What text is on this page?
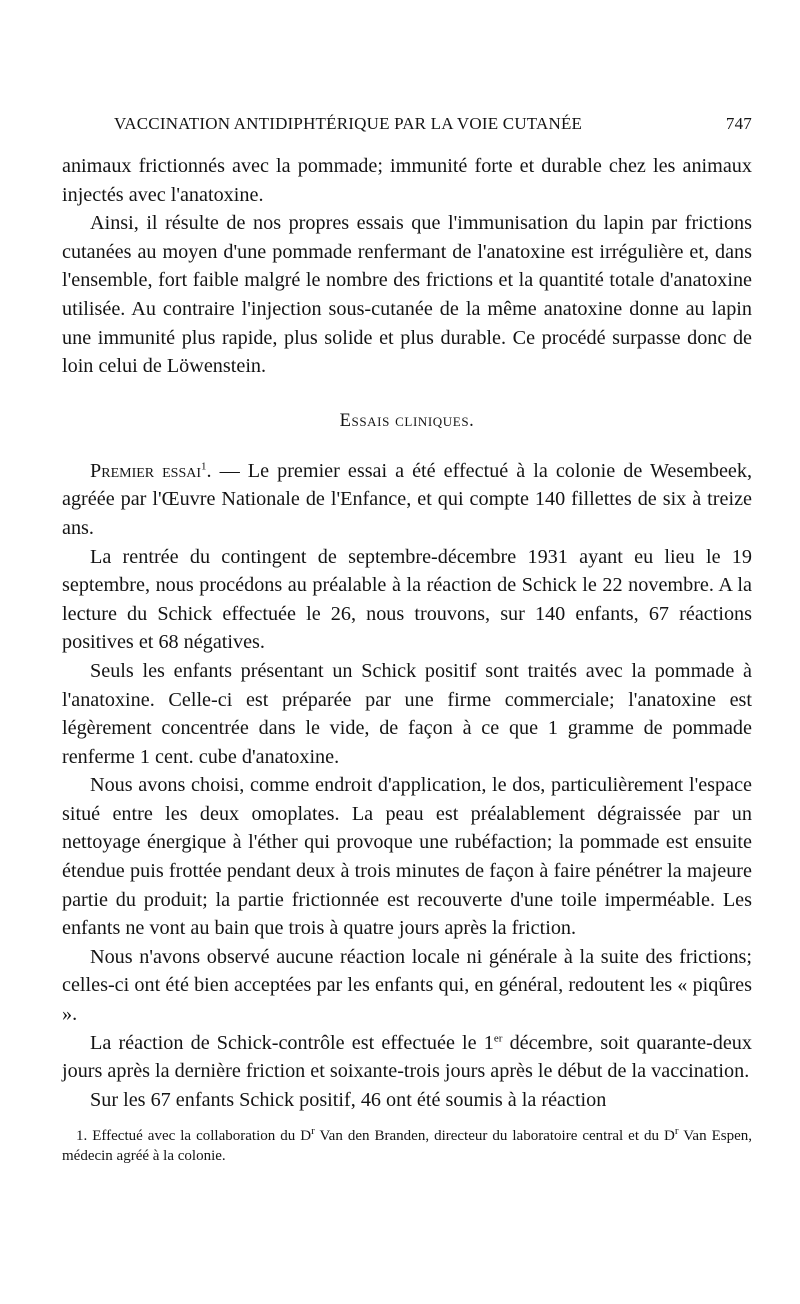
VACCINATION ANTIDIPHTÉRIQUE PAR LA VOIE CUTANÉE	747

animaux frictionnés avec la pommade; immunité forte et durable chez les animaux injectés avec l'anatoxine.

Ainsi, il résulte de nos propres essais que l'immunisation du lapin par frictions cutanées au moyen d'une pommade renfermant de l'anatoxine est irrégulière et, dans l'ensemble, fort faible malgré le nombre des frictions et la quantité totale d'anatoxine utilisée. Au contraire l'injection sous-cutanée de la même anatoxine donne au lapin une immunité plus rapide, plus solide et plus durable. Ce procédé surpasse donc de loin celui de Löwenstein.

Essais cliniques.

Premier essai$^1$. — Le premier essai a été effectué à la colonie de Wesembeek, agréée par l'Œuvre Nationale de l'Enfance, et qui compte 140 fillettes de six à treize ans.

La rentrée du contingent de septembre-décembre 1931 ayant eu lieu le 19 septembre, nous procédons au préalable à la réaction de Schick le 22 novembre. A la lecture du Schick effectuée le 26, nous trouvons, sur 140 enfants, 67 réactions positives et 68 négatives.

Seuls les enfants présentant un Schick positif sont traités avec la pommade à l'anatoxine. Celle-ci est préparée par une firme commerciale; l'anatoxine est légèrement concentrée dans le vide, de façon à ce que 1 gramme de pommade renferme 1 cent. cube d'anatoxine.

Nous avons choisi, comme endroit d'application, le dos, particulièrement l'espace situé entre les deux omoplates. La peau est préalablement dégraissée par un nettoyage énergique à l'éther qui provoque une rubéfaction; la pommade est ensuite étendue puis frottée pendant deux à trois minutes de façon à faire pénétrer la majeure partie du produit; la partie frictionnée est recouverte d'une toile imperméable. Les enfants ne vont au bain que trois à quatre jours après la friction.

Nous n'avons observé aucune réaction locale ni générale à la suite des frictions; celles-ci ont été bien acceptées par les enfants qui, en général, redoutent les « piqûres ».

La réaction de Schick-contrôle est effectuée le 1er décembre, soit quarante-deux jours après la dernière friction et soixante-trois jours après le début de la vaccination.

Sur les 67 enfants Schick positif, 46 ont été soumis à la réaction

1. Effectué avec la collaboration du $D^r$ Van den Branden, directeur du laboratoire central et du $D^r$ Van Espen, médecin agréé à la colonie.
